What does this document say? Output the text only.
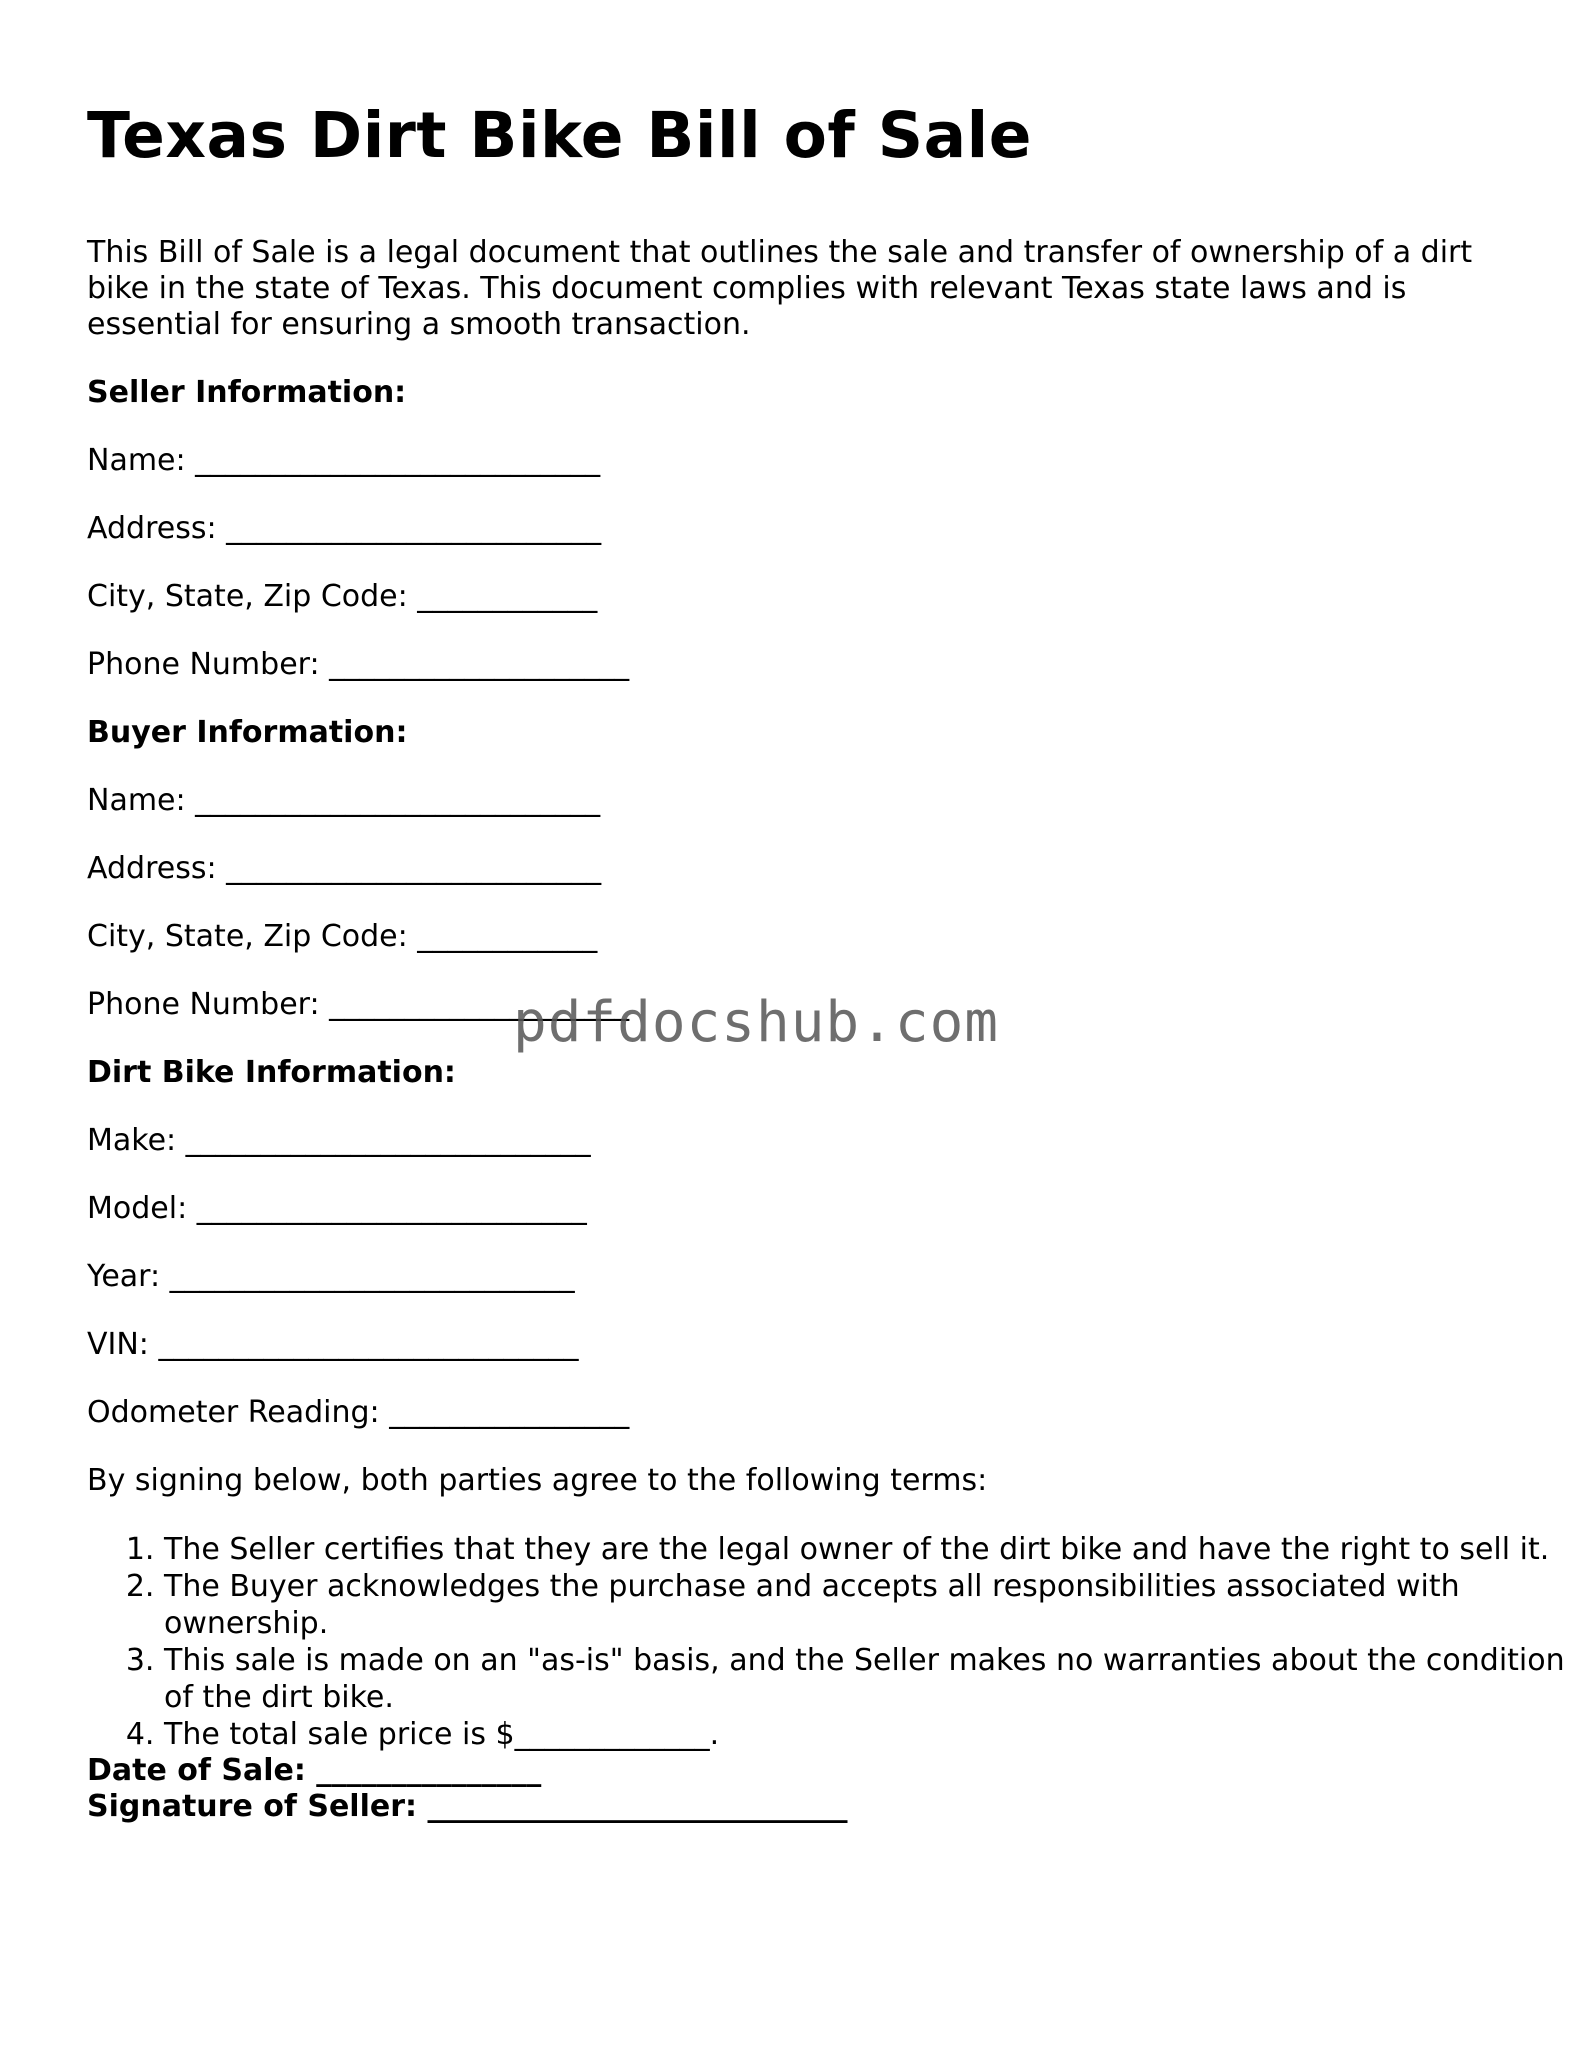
Texas Dirt Bike Bill of Sale

This Bill of Sale is a legal document that outlines the sale and transfer of ownership of a dirt bike in the state of Texas. This document complies with relevant Texas state laws and is essential for ensuring a smooth transaction.

Seller Information:

Name: ___________________________

Address: _________________________

City, State, Zip Code: ____________

Phone Number: ____________________

Buyer Information:

Name: ___________________________

Address: _________________________

City, State, Zip Code: ____________

Phone Number: ____________________

Dirt Bike Information:

Make: ___________________________

Model: __________________________

Year: ___________________________

VIN: ____________________________

Odometer Reading: ________________

By signing below, both parties agree to the following terms:

1. The Seller certifies that they are the legal owner of the dirt bike and have the right to sell it.
2. The Buyer acknowledges the purchase and accepts all responsibilities associated with ownership.
3. This sale is made on an "as-is" basis, and the Seller makes no warranties about the condition of the dirt bike.
4. The total sale price is $_____________.

Date of Sale: _______________

Signature of Seller: ____________________________

pdfdocshub.com
